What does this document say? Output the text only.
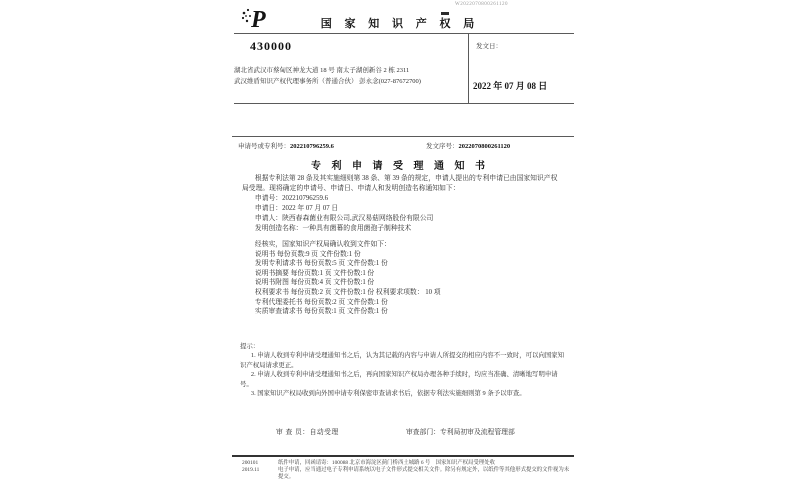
P	国 家 知 识 产 权 局
W2022070800261120
430000
湖北省武汉市蔡甸区神龙大道 18 号 南太子湖创新谷 2 栋 2311
武汉维盾知识产权代理事务所（普通合伙） 彭永念(027-87672700)
发文日：
2022 年 07 月 08 日
申请号或专利号：202210796259.6	发文序号：2022070800261120
专 利 申 请 受 理 通 知 书

根据专利法第 28 条及其实施细则第 38 条、第 39 条的规定，申请人提出的专利申请已由国家知识产权局受理。现将确定的申请号、申请日、申请人和发明创造名称通知如下：

申请号：202210796259.6
申请日：2022 年 07 月 07 日
申请人：陕西春森菌业有限公司,武汉易菇网络股份有限公司
发明创造名称：一种具有菌幕的食用菌孢子制种技术
经核实，国家知识产权局确认收到文件如下：
说明书 每份页数:9 页 文件份数:1 份
发明专利请求书 每份页数:5 页 文件份数:1 份
说明书摘要 每份页数:1 页 文件份数:1 份
说明书附图 每份页数:4 页 文件份数:1 份
权利要求书 每份页数:2 页 文件份数:1 份 权利要求项数： 10 项
专利代理委托书 每份页数:2 页 文件份数:1 份
实质审查请求书 每份页数:1 页 文件份数:1 份

提示：

1. 申请人收到专利申请受理通知书之后，认为其记载的内容与申请人所提交的相应内容不一致时，可以向国家知识产权局请求更正。

2. 申请人收到专利申请受理通知书之后，再向国家知识产权局办理各种手续时，均应当准确、清晰地写明申请号。

3. 国家知识产权局收到向外国申请专利保密审查请求书后，依据专利法实施细则第 9 条予以审查。

审 查 员：自动受理	审查部门：专利局初审及流程管理部
200101	纸件申请，回函请寄：100088 北京市海淀区蓟门桥西土城路 6 号　国家知识产权局受理处收
2019.11	电子申请，应当通过电子专利申请系统以电子文件形式提交相关文件。除另有规定外，以纸件等其他形式提交的文件视为未提交。
